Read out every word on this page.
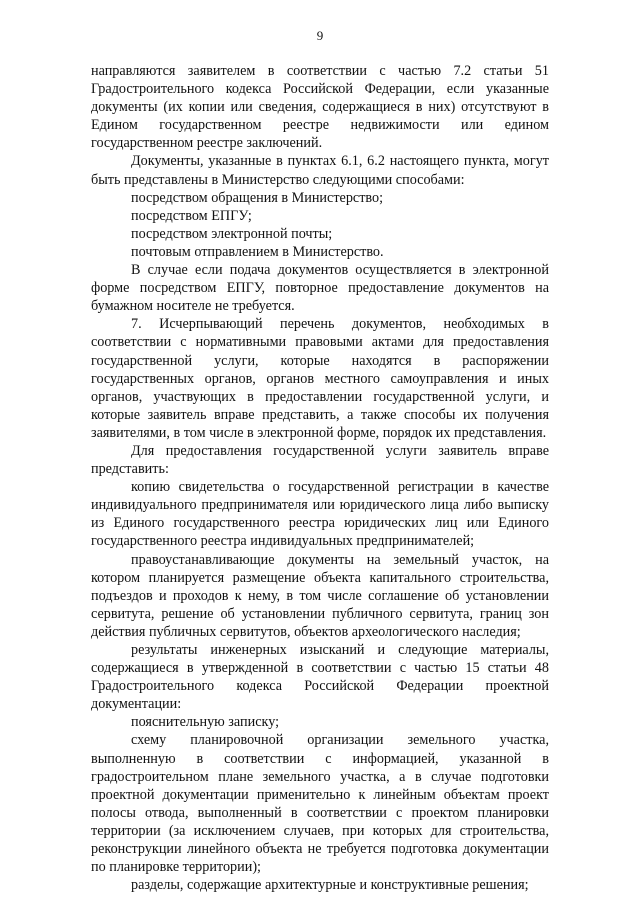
9

направляются заявителем в соответствии с частью 7.2 статьи 51 Градостроительного кодекса Российской Федерации, если указанные документы (их копии или сведения, содержащиеся в них) отсутствуют в Едином государственном реестре недвижимости или едином государственном реестре заключений.

Документы, указанные в пунктах 6.1, 6.2 настоящего пункта, могут быть представлены в Министерство следующими способами:

посредством обращения в Министерство;

посредством ЕПГУ;

посредством электронной почты;

почтовым отправлением в Министерство.

В случае если подача документов осуществляется в электронной форме посредством ЕПГУ, повторное предоставление документов на бумажном носителе не требуется.

7. Исчерпывающий перечень документов, необходимых в соответствии с нормативными правовыми актами для предоставления государственной услуги, которые находятся в распоряжении государственных органов, органов местного самоуправления и иных органов, участвующих в предоставлении государственной услуги, и которые заявитель вправе представить, а также способы их получения заявителями, в том числе в электронной форме, порядок их представления.

Для предоставления государственной услуги заявитель вправе представить:

копию свидетельства о государственной регистрации в качестве индивидуального предпринимателя или юридического лица либо выписку из Единого государственного реестра юридических лиц или Единого государственного реестра индивидуальных предпринимателей;

правоустанавливающие документы на земельный участок, на котором планируется размещение объекта капитального строительства, подъездов и проходов к нему, в том числе соглашение об установлении сервитута, решение об установлении публичного сервитута, границ зон действия публичных сервитутов, объектов археологического наследия;

результаты инженерных изысканий и следующие материалы, содержащиеся в утвержденной в соответствии с частью 15 статьи 48 Градостроительного кодекса Российской Федерации проектной документации:

пояснительную записку;

схему планировочной организации земельного участка, выполненную в соответствии с информацией, указанной в градостроительном плане земельного участка, а в случае подготовки проектной документации применительно к линейным объектам проект полосы отвода, выполненный в соответствии с проектом планировки территории (за исключением случаев, при которых для строительства, реконструкции линейного объекта не требуется подготовка документации по планировке территории);

разделы, содержащие архитектурные и конструктивные решения;
